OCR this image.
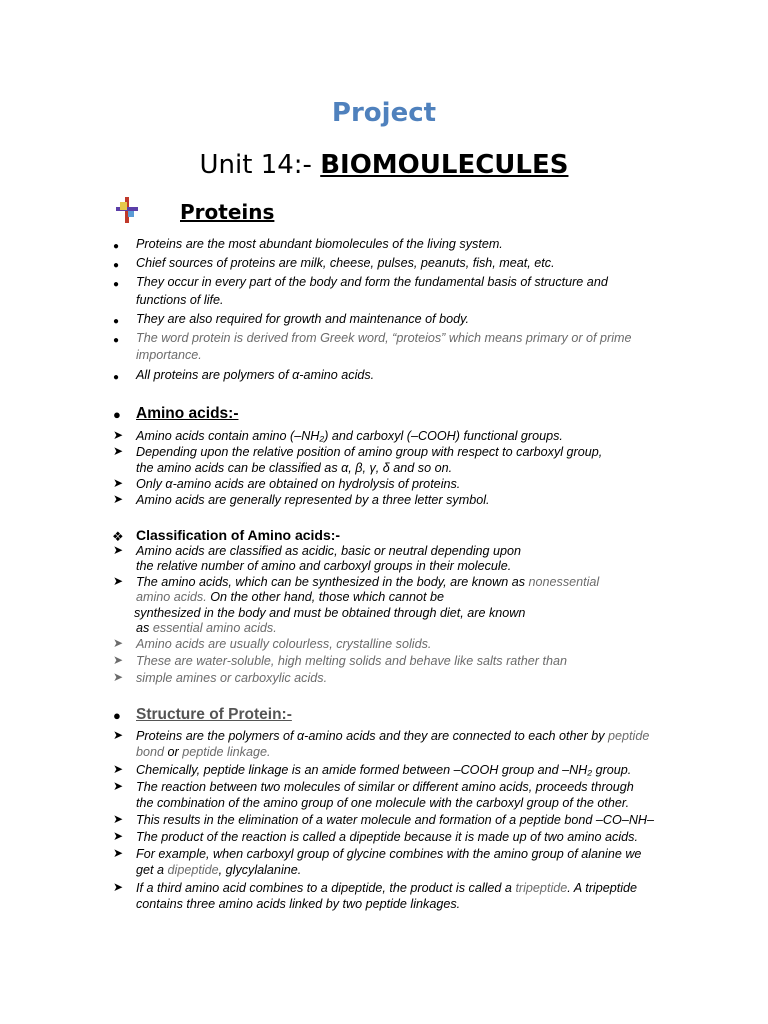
Project
Unit 14:- BIOMOULECULES
Proteins
● Proteins are the most abundant biomolecules of the living system.
● Chief sources of proteins are milk, cheese, pulses, peanuts, fish, meat, etc.
● They occur in every part of the body and form the fundamental basis of structure and
functions of life.
● They are also required for growth and maintenance of body.
● The word protein is derived from Greek word, “proteios” which means primary or of prime
importance.
● All proteins are polymers of α-amino acids.
● Amino acids:-
➤ Amino acids contain amino (–NH₂) and carboxyl (–COOH) functional groups.
➤ Depending upon the relative position of amino group with respect to carboxyl group,
the amino acids can be classified as α, β, γ, δ and so on.
➤ Only α-amino acids are obtained on hydrolysis of proteins.
➤ Amino acids are generally represented by a three letter symbol.
❖ Classification of Amino acids:-
➤ Amino acids are classified as acidic, basic or neutral depending upon
the relative number of amino and carboxyl groups in their molecule.
➤ The amino acids, which can be synthesized in the body, are known as nonessential
amino acids. On the other hand, those which cannot be
synthesized in the body and must be obtained through diet, are known
as essential amino acids.
➤ Amino acids are usually colourless, crystalline solids.
➤ These are water-soluble, high melting solids and behave like salts rather than
➤ simple amines or carboxylic acids.
● Structure of Protein:-
➤ Proteins are the polymers of α-amino acids and they are connected to each other by peptide
bond or peptide linkage.
➤ Chemically, peptide linkage is an amide formed between –COOH group and –NH₂ group.
➤ The reaction between two molecules of similar or different amino acids, proceeds through
the combination of the amino group of one molecule with the carboxyl group of the other.
➤ This results in the elimination of a water molecule and formation of a peptide bond –CO–NH–
➤ The product of the reaction is called a dipeptide because it is made up of two amino acids.
➤ For example, when carboxyl group of glycine combines with the amino group of alanine we
get a dipeptide, glycylalanine.
➤ If a third amino acid combines to a dipeptide, the product is called a tripeptide. A tripeptide
contains three amino acids linked by two peptide linkages.
